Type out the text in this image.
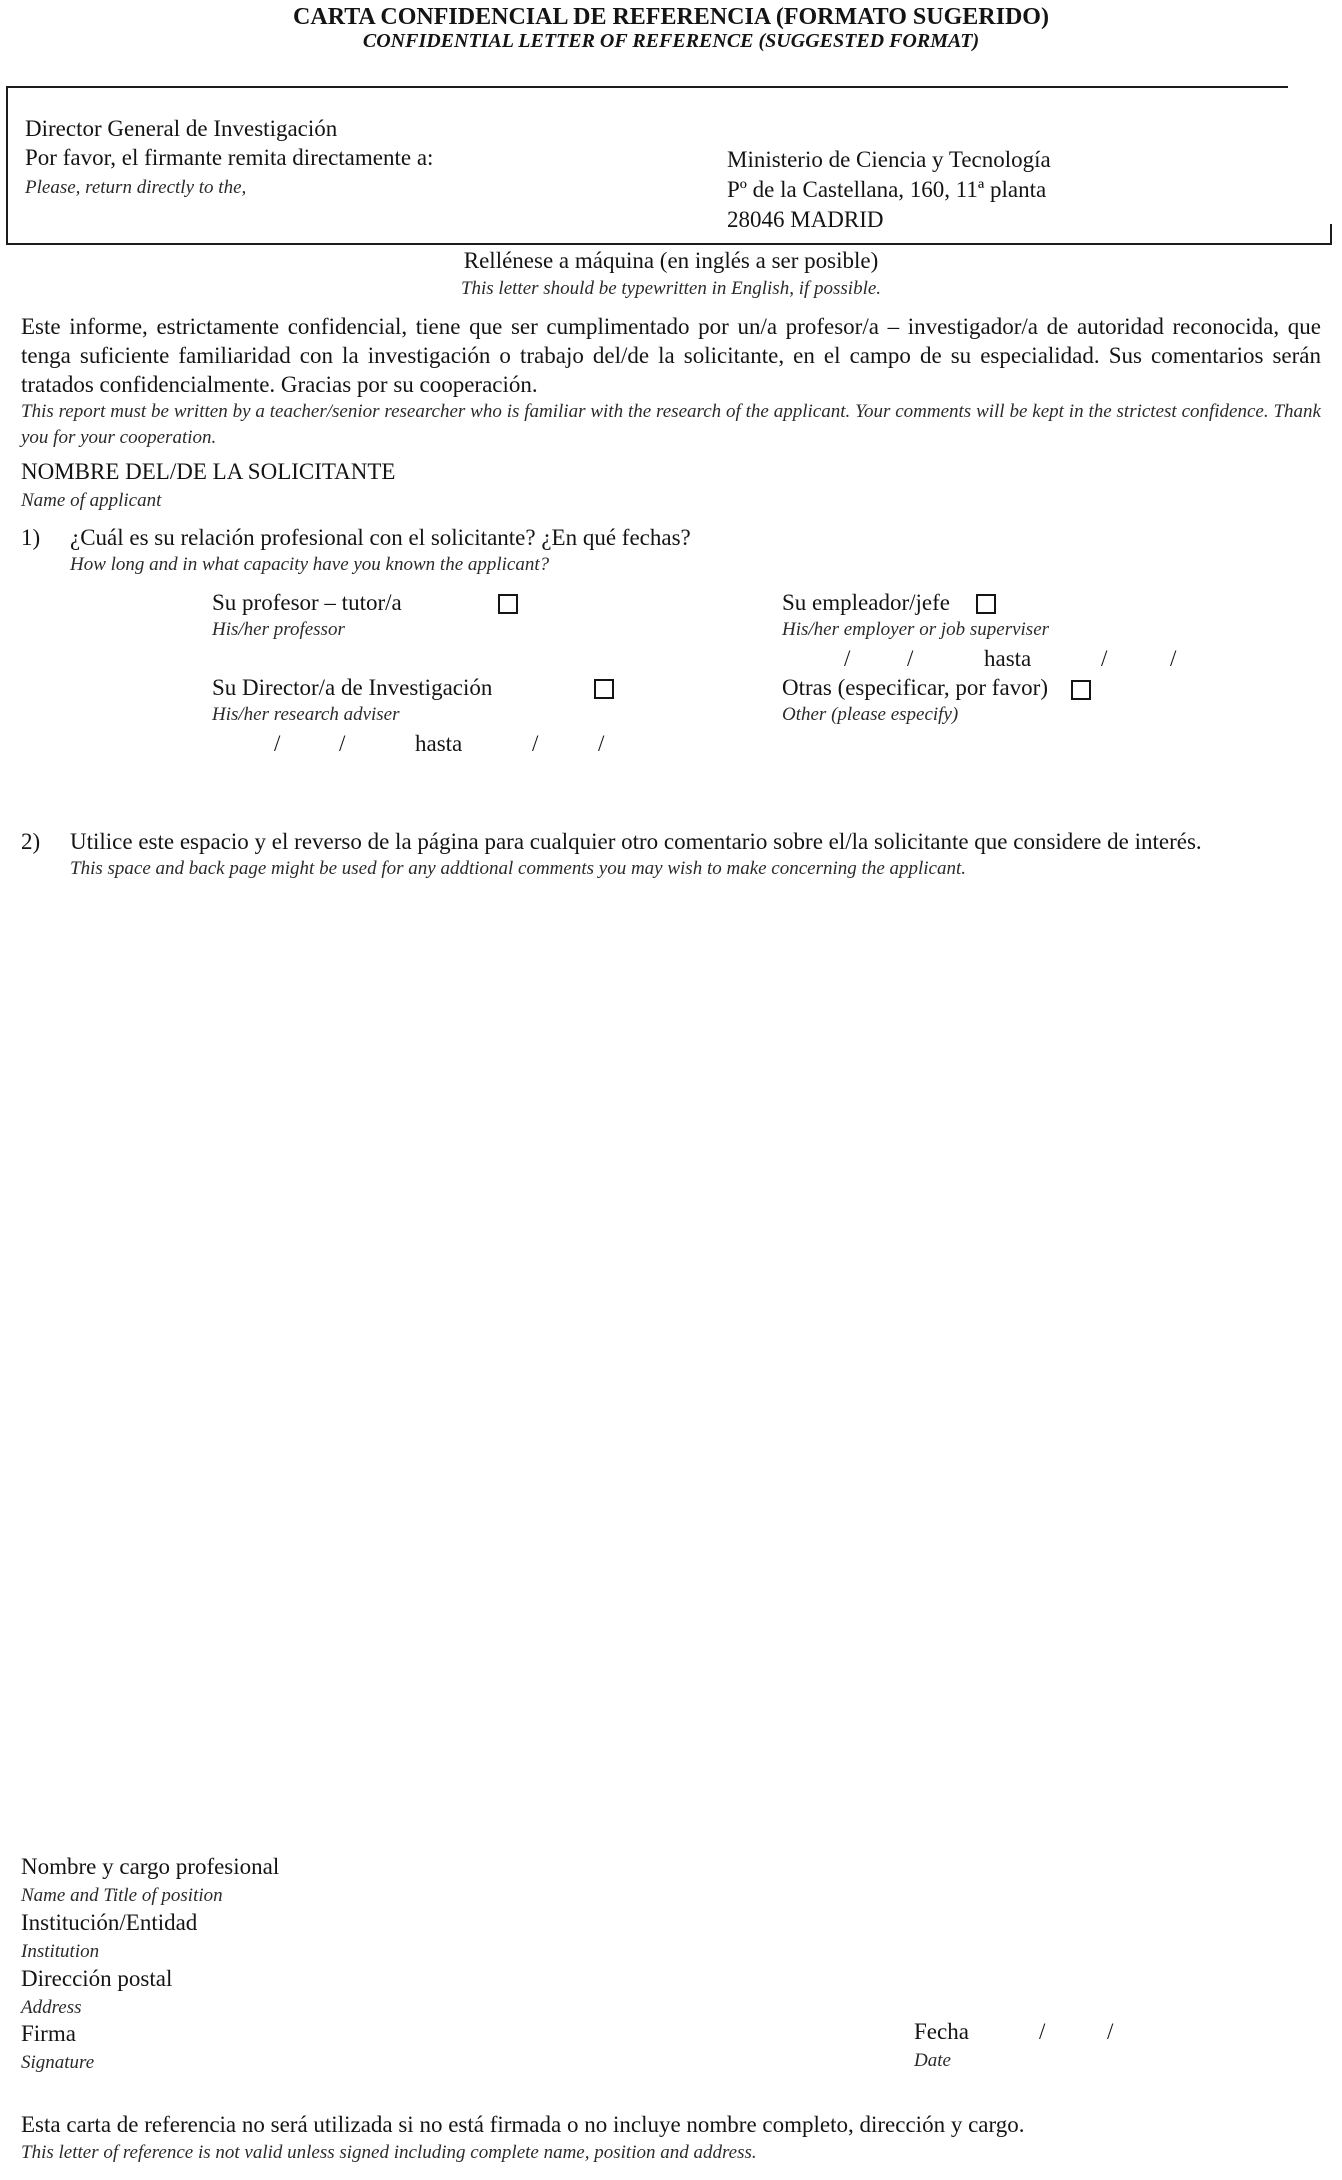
CARTA CONFIDENCIAL DE REFERENCIA (FORMATO SUGERIDO)
CONFIDENTIAL LETTER OF REFERENCE (SUGGESTED FORMAT)
Director General de Investigación
Por favor, el firmante remita directamente a:
Please, return directly to the,
Ministerio de Ciencia y Tecnología
Pº de la Castellana, 160, 11ª planta
28046 MADRID
Rellénese a máquina (en inglés a ser posible)
This letter should be typewritten in English, if possible.
Este informe, estrictamente confidencial, tiene que ser cumplimentado por un/a profesor/a – investigador/a de autoridad reconocida, que tenga suficiente familiaridad con la investigación o trabajo del/de la solicitante, en el campo de su especialidad. Sus comentarios serán tratados confidencialmente. Gracias por su cooperación.
This report must be written by a teacher/senior researcher who is familiar with the research of the applicant. Your comments will be kept in the strictest confidence. Thank you for your cooperation.
NOMBRE DEL/DE LA SOLICITANTE
Name of applicant
1) ¿Cuál es su relación profesional con el solicitante? ¿En qué fechas?
How long and in what capacity have you known the applicant?
Su profesor – tutor/a
His/her professor
Su Director/a de Investigación
His/her research adviser
/	/	hasta	/	/
Su empleador/jefe
His/her employer or job superviser
/ /	hasta	/	/
Otras (especificar, por favor)
Other (please especify)
2) Utilice este espacio y el reverso de la página para cualquier otro comentario sobre el/la solicitante que considere de interés.
This space and back page might be used for any addtional comments you may wish to make concerning the applicant.
Nombre y cargo profesional
Name and Title of position
Institución/Entidad
Institution
Dirección postal
Address
Firma
Signature
Fecha
Date
/	/
Esta carta de referencia no será utilizada si no está firmada o no incluye nombre completo, dirección y cargo.
This letter of reference is not valid unless signed including complete name, position and address.
